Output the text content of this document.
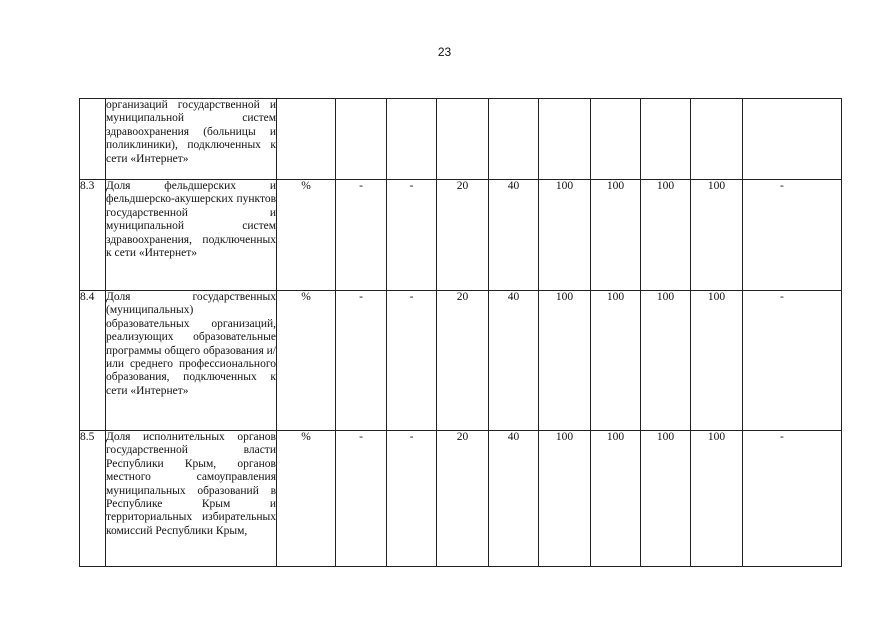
23
	организаций государственной и муниципальной систем здравоохранения (больницы и поликлиники), подключенных к сети «Интернет»										
8.3	Доля фельдшерских и фельдшерско-акушерских пунктов государственной и муниципальной систем здравоохранения, подключенных к сети «Интернет»	%	-	-	20	40	100	100	100	100	-
8.4	Доля государственных (муниципальных) образовательных организаций, реализующих образовательные программы общего образования и/или среднего профессионального образования, подключенных к сети «Интернет»	%	-	-	20	40	100	100	100	100	-
8.5	Доля исполнительных органов государственной власти Республики Крым, органов местного самоуправления муниципальных образований в Республике Крым и территориальных избирательных комиссий Республики Крым,	%	-	-	20	40	100	100	100	100	-
